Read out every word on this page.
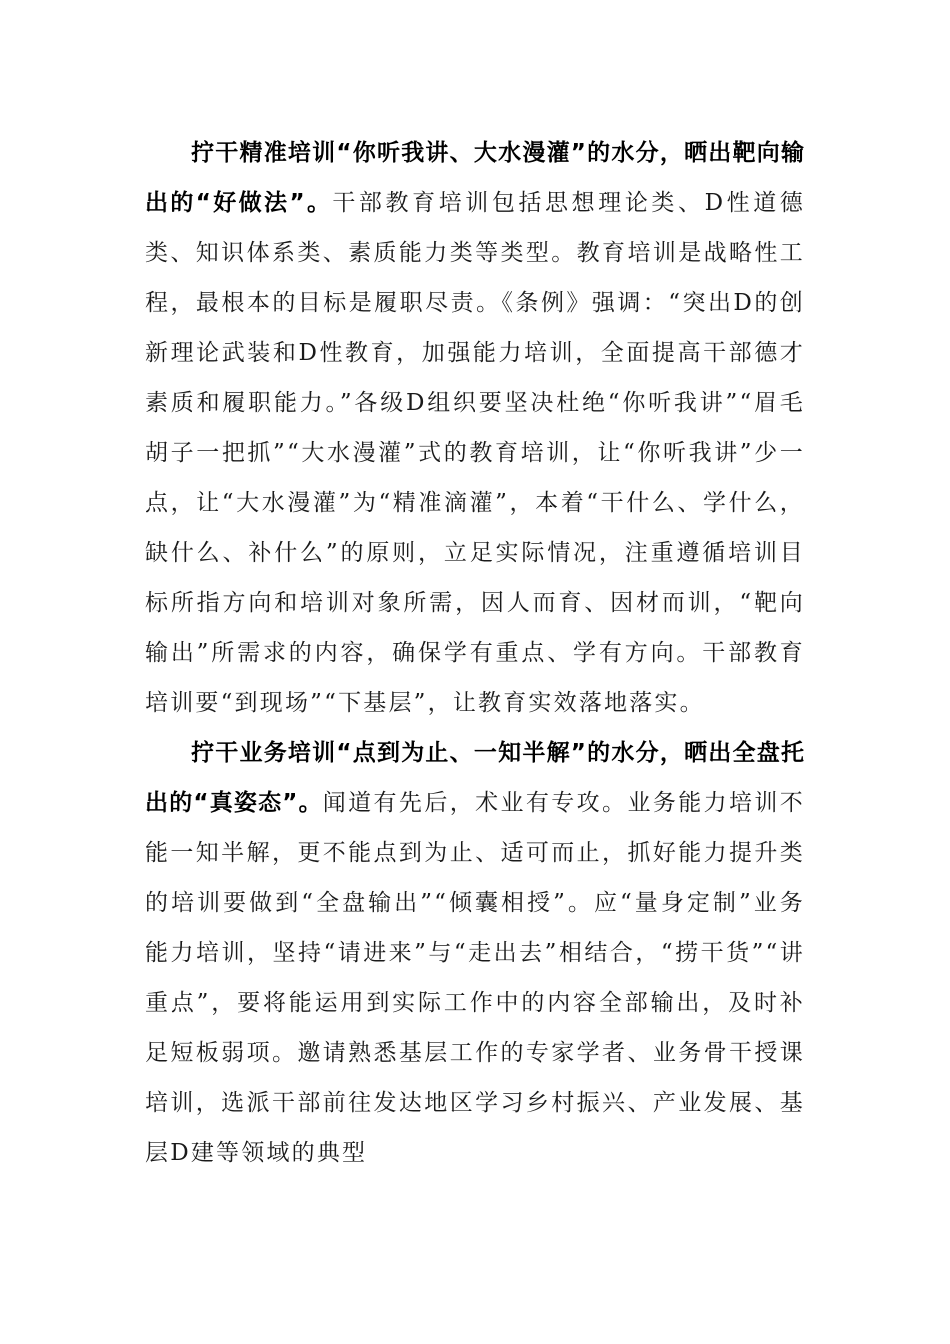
拧干精准培训“你听我讲、大水漫灌”的水分，晒出靶向输出的“好做法”。干部教育培训包括思想理论类、D性道德类、知识体系类、素质能力类等类型。教育培训是战略性工程，最根本的目标是履职尽责。《条例》强调：“突出D的创新理论武装和D性教育，加强能力培训，全面提高干部德才素质和履职能力。”各级D组织要坚决杜绝“你听我讲”“眉毛胡子一把抓”“大水漫灌”式的教育培训，让“你听我讲”少一点，让“大水漫灌”为“精准滴灌”，本着“干什么、学什么，缺什么、补什么”的原则，立足实际情况，注重遵循培训目标所指方向和培训对象所需，因人而育、因材而训，“靶向输出”所需求的内容，确保学有重点、学有方向。干部教育培训要“到现场”“下基层”，让教育实效落地落实。

拧干业务培训“点到为止、一知半解”的水分，晒出全盘托出的“真姿态”。闻道有先后，术业有专攻。业务能力培训不能一知半解，更不能点到为止、适可而止，抓好能力提升类的培训要做到“全盘输出”“倾囊相授”。应“量身定制”业务能力培训，坚持“请进来”与“走出去”相结合，“捞干货”“讲重点”，要将能运用到实际工作中的内容全部输出，及时补足短板弱项。邀请熟悉基层工作的专家学者、业务骨干授课培训，选派干部前往发达地区学习乡村振兴、产业发展、基层D建等领域的典型
